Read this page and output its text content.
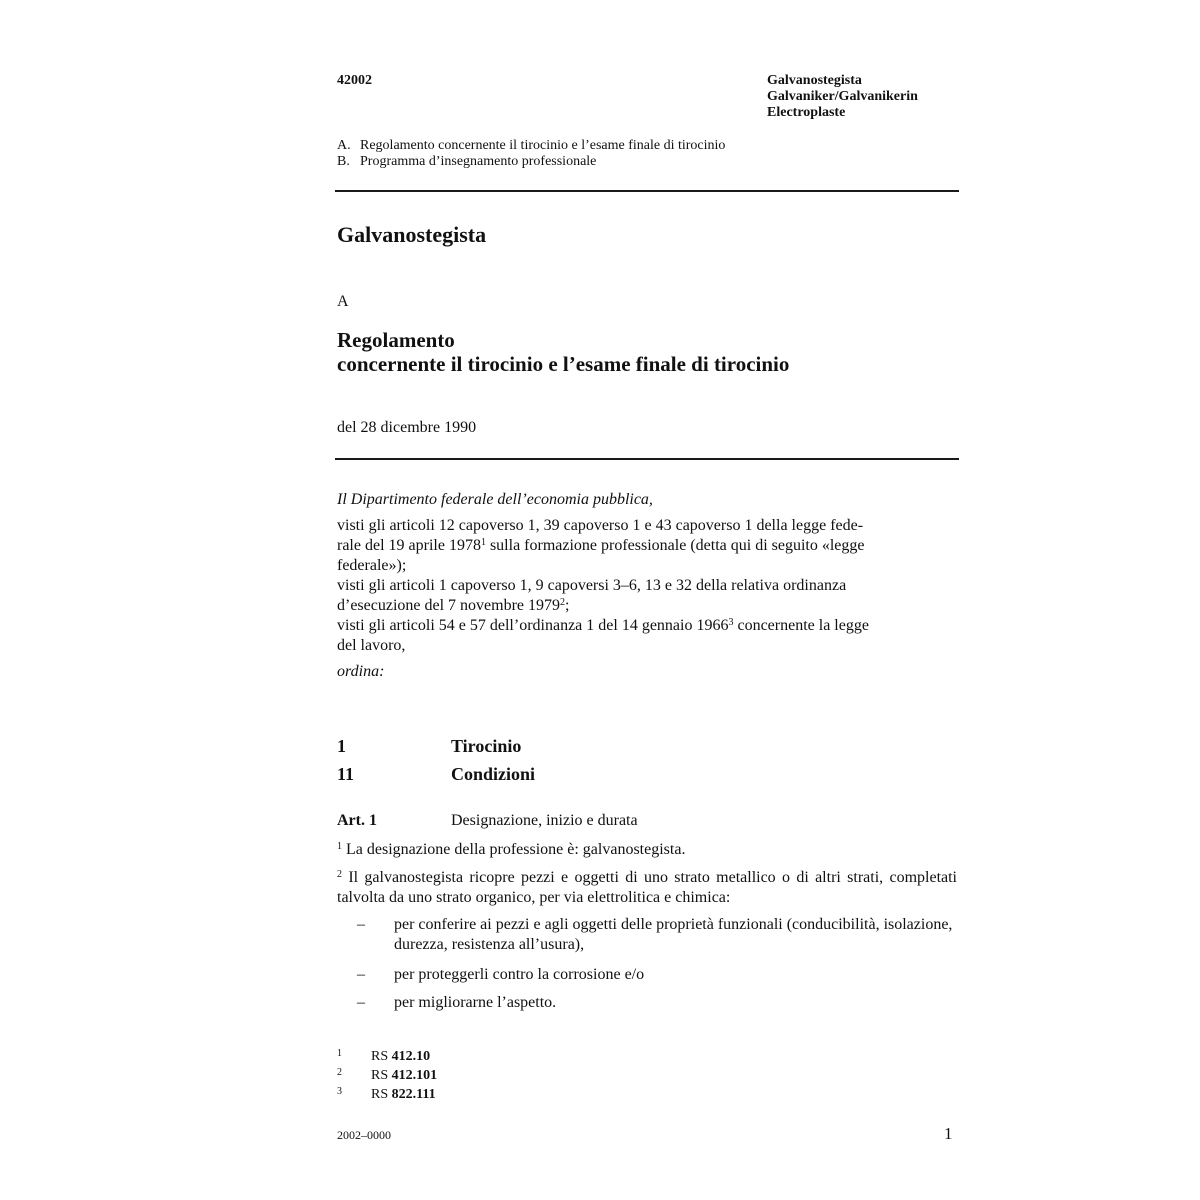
42002	Galvanostegista
Galvaniker/Galvanikerin
Electroplaste
A. Regolamento concernente il tirocinio e l’esame finale di tirocinio
B. Programma d’insegnamento professionale
Galvanostegista
A
Regolamento
concernente il tirocinio e l’esame finale di tirocinio
del 28 dicembre 1990
Il Dipartimento federale dell’economia pubblica,
visti gli articoli 12 capoverso 1, 39 capoverso 1 e 43 capoverso 1 della legge fede-
rale del 19 aprile 1978$^1$ sulla formazione professionale (detta qui di seguito «legge
federale»);
visti gli articoli 1 capoverso 1, 9 capoversi 3–6, 13 e 32 della relativa ordinanza
d’esecuzione del 7 novembre 1979$^2$;
visti gli articoli 54 e 57 dell’ordinanza 1 del 14 gennaio 1966$^3$ concernente la legge
del lavoro,
ordina:
1	Tirocinio
11	Condizioni
Art. 1	Designazione, inizio e durata
$^1$ La designazione della professione è: galvanostegista.
$^2$ Il galvanostegista ricopre pezzi e oggetti di uno strato metallico o di altri strati, completati talvolta da uno strato organico, per via elettrolitica e chimica:
– per conferire ai pezzi e agli oggetti delle proprietà funzionali (conducibilità, isolazione, durezza, resistenza all’usura),
– per proteggerli contro la corrosione e/o
– per migliorarne l’aspetto.
1 RS 412.10
2 RS 412.101
3 RS 822.111
2002–0000	1
